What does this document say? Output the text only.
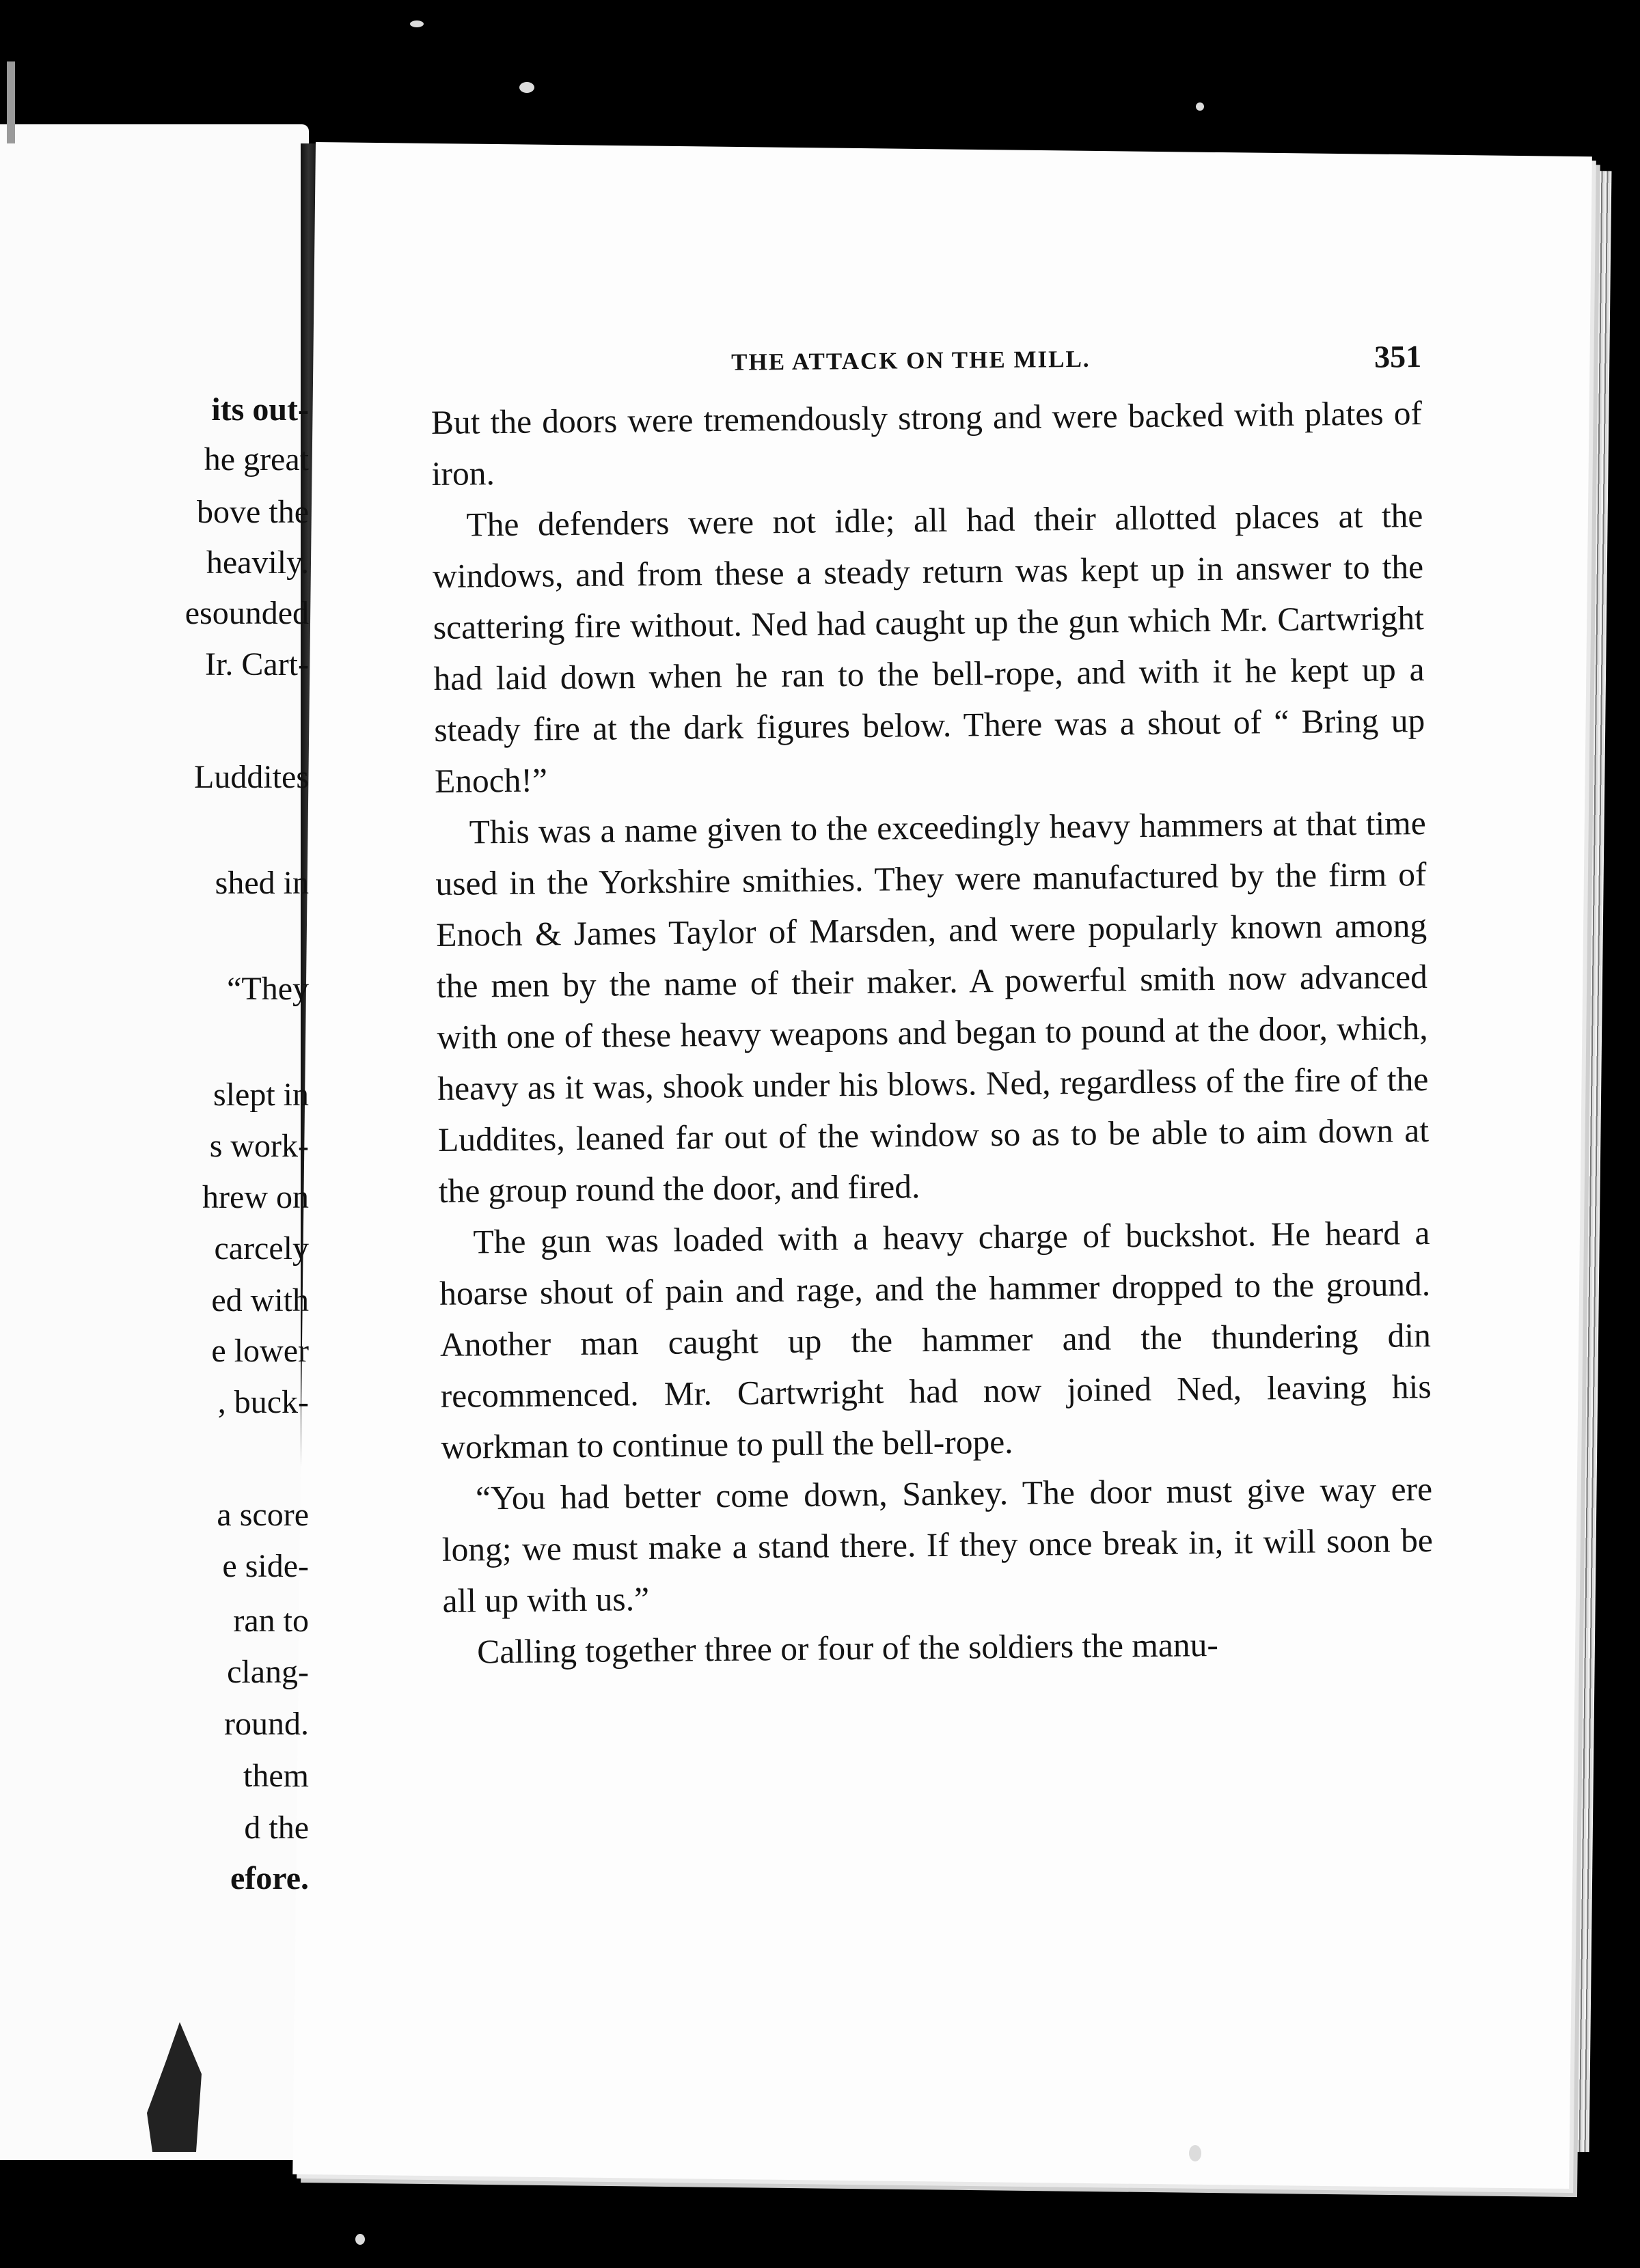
its out-
he great
bove the
heavily.
esounded
Ir. Cart-
Luddites
shed in
“They
slept in
s work-
hrew on
carcely
ed with
e lower
, buck-
a score
e side-
ran to
clang-
round.
them
d the
efore.
THE ATTACK ON THE MILL.	351

But the doors were tremendously strong and were backed with plates of iron.

The defenders were not idle; all had their allotted places at the windows, and from these a steady return was kept up in answer to the scattering fire without. Ned had caught up the gun which Mr. Cartwright had laid down when he ran to the bell-rope, and with it he kept up a steady fire at the dark figures below. There was a shout of “ Bring up Enoch!”

This was a name given to the exceedingly heavy hammers at that time used in the Yorkshire smithies. They were manufactured by the firm of Enoch & James Taylor of Marsden, and were popularly known among the men by the name of their maker. A powerful smith now advanced with one of these heavy weapons and began to pound at the door, which, heavy as it was, shook under his blows. Ned, regardless of the fire of the Luddites, leaned far out of the window so as to be able to aim down at the group round the door, and fired.

The gun was loaded with a heavy charge of buckshot. He heard a hoarse shout of pain and rage, and the hammer dropped to the ground. Another man caught up the hammer and the thundering din recommenced. Mr. Cartwright had now joined Ned, leaving his workman to continue to pull the bell-rope.

“You had better come down, Sankey. The door must give way ere long; we must make a stand there. If they once break in, it will soon be all up with us.”

Calling together three or four of the soldiers the manu-
